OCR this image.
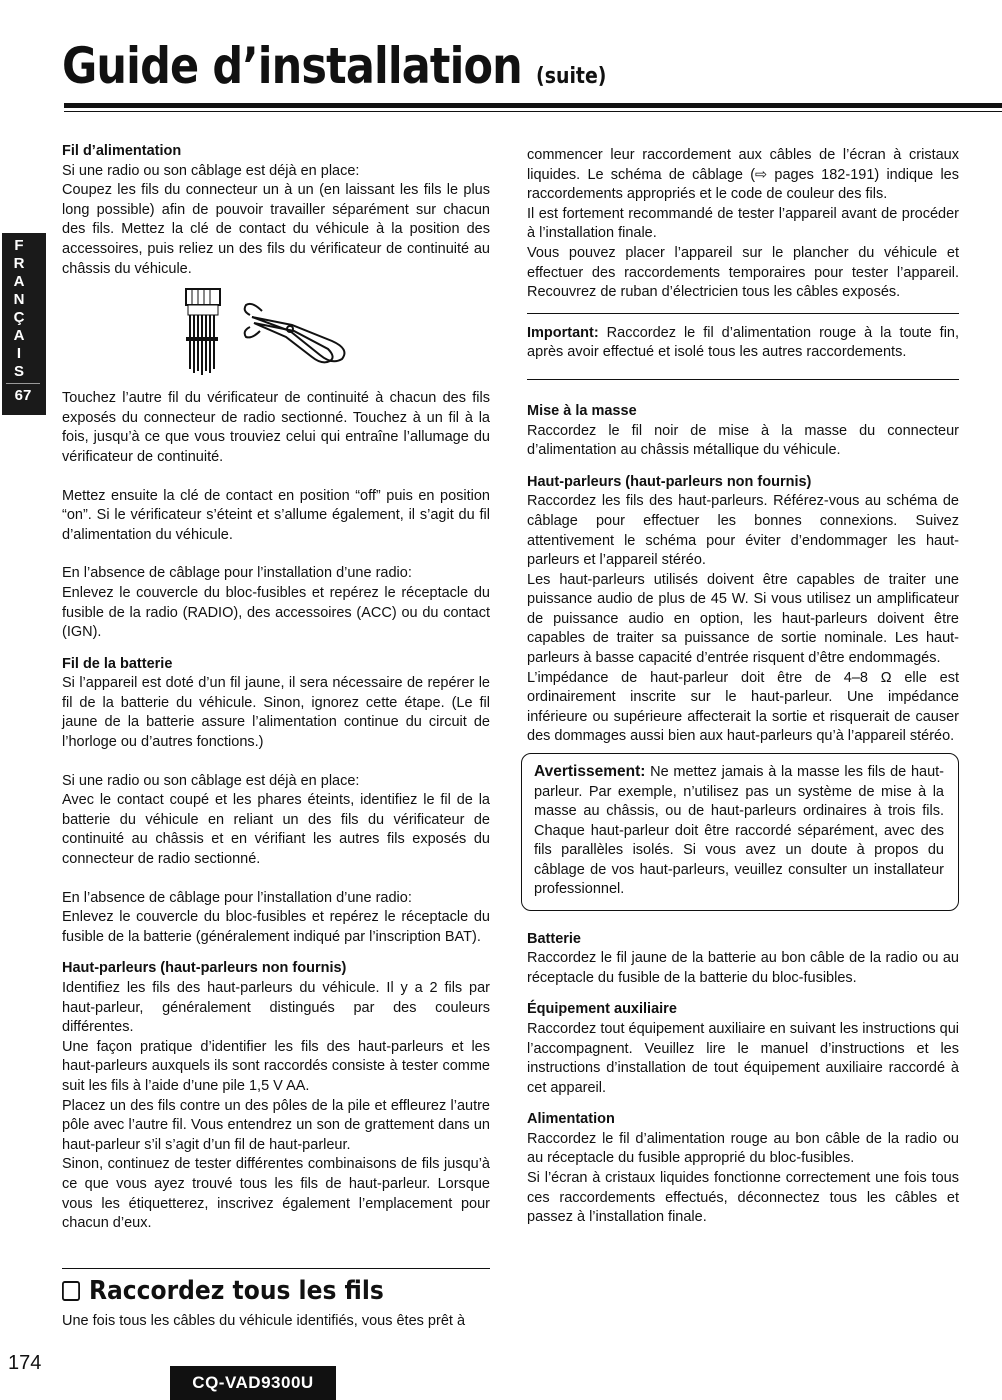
Guide d’installation (suite)
F
R
A
N
Ç
A
I
S
67

Fil d’alimentation

Si une radio ou son câblage est déjà en place:

Coupez les fils du connecteur un à un (en laissant les fils le plus long possible) afin de pouvoir travailler séparément sur chacun des fils. Mettez la clé de contact du véhicule à la position des accessoires, puis reliez un des fils du vérificateur de continuité au châssis du véhicule.

Touchez l’autre fil du vérificateur de continuité à chacun des fils exposés du connecteur de radio sectionné. Touchez à un fil à la fois, jusqu’à ce que vous trouviez celui qui entraîne l’allumage du vérificateur de continuité.

Mettez ensuite la clé de contact en position “off” puis en position “on”. Si le vérificateur s’éteint et s’allume également, il s’agit du fil d’alimentation du véhicule.

En l’absence de câblage pour l’installation d’une radio:

Enlevez le couvercle du bloc-fusibles et repérez le réceptacle du fusible de la radio (RADIO), des accessoires (ACC) ou du contact (IGN).

Fil de la batterie

Si l’appareil est doté d’un fil jaune, il sera nécessaire de repérer le fil de la batterie du véhicule. Sinon, ignorez cette étape. (Le fil jaune de la batterie assure l’alimentation continue du circuit de l’horloge ou d’autres fonctions.)

Si une radio ou son câblage est déjà en place:

Avec le contact coupé et les phares éteints, identifiez le fil de la batterie du véhicule en reliant un des fils du vérificateur de continuité au châssis et en vérifiant les autres fils exposés du connecteur de radio sectionné.

En l’absence de câblage pour l’installation d’une radio:

Enlevez le couvercle du bloc-fusibles et repérez le réceptacle du fusible de la batterie (généralement indiqué par l’inscription BAT).

Haut-parleurs (haut-parleurs non fournis)

Identifiez les fils des haut-parleurs du véhicule. Il y a 2 fils par haut-parleur, généralement distingués par des couleurs différentes.

Une façon pratique d’identifier les fils des haut-parleurs et les haut-parleurs auxquels ils sont raccordés consiste à tester comme suit les fils à l’aide d’une pile 1,5 V AA.

Placez un des fils contre un des pôles de la pile et effleurez l’autre pôle avec l’autre fil. Vous entendrez un son de grattement dans un haut-parleur s’il s’agit d’un fil de haut-parleur.

Sinon, continuez de tester différentes combinaisons de fils jusqu’à ce que vous ayez trouvé tous les fils de haut-parleur. Lorsque vous les étiquetterez, inscrivez également l’emplacement pour chacun d’eux.

Raccordez tous les fils

Une fois tous les câbles du véhicule identifiés, vous êtes prêt à

commencer leur raccordement aux câbles de l’écran à cristaux liquides. Le schéma de câblage (⇨ pages 182-191) indique les raccordements appropriés et le code de couleur des fils.

Il est fortement recommandé de tester l’appareil avant de procéder à l’installation finale.

Vous pouvez placer l’appareil sur le plancher du véhicule et effectuer des raccordements temporaires pour tester l’appareil. Recouvrez de ruban d’électricien tous les câbles exposés.

Important: Raccordez le fil d’alimentation rouge à la toute fin, après avoir effectué et isolé tous les autres raccordements.

Mise à la masse

Raccordez le fil noir de mise à la masse du connecteur d’alimentation au châssis métallique du véhicule.

Haut-parleurs (haut-parleurs non fournis)

Raccordez les fils des haut-parleurs. Référez-vous au schéma de câblage pour effectuer les bonnes connexions. Suivez attentivement le schéma pour éviter d’endommager les haut-parleurs et l’appareil stéréo.

Les haut-parleurs utilisés doivent être capables de traiter une puissance audio de plus de 45 W. Si vous utilisez un amplificateur de puissance audio en option, les haut-parleurs doivent être capables de traiter sa puissance de sortie nominale. Les haut-parleurs à basse capacité d’entrée risquent d’être endommagés.

L’impédance de haut-parleur doit être de 4–8 Ω elle est ordinairement inscrite sur le haut-parleur. Une impédance inférieure ou supérieure affecterait la sortie et risquerait de causer des dommages aussi bien aux haut-parleurs qu’à l’appareil stéréo.

Avertissement: Ne mettez jamais à la masse les fils de haut-parleur. Par exemple, n’utilisez pas un système de mise à la masse au châssis, ou de haut-parleurs ordinaires à trois fils. Chaque haut-parleur doit être raccordé séparément, avec des fils parallèles isolés. Si vous avez un doute à propos du câblage de vos haut-parleurs, veuillez consulter un installateur professionnel.

Batterie

Raccordez le fil jaune de la batterie au bon câble de la radio ou au réceptacle du fusible de la batterie du bloc-fusibles.

Équipement auxiliaire

Raccordez tout équipement auxiliaire en suivant les instructions qui l’accompagnent. Veuillez lire le manuel d’instructions et les instructions d’installation de tout équipement auxiliaire raccordé à cet appareil.

Alimentation

Raccordez le fil d’alimentation rouge au bon câble de la radio ou au réceptacle du fusible approprié du bloc-fusibles.

Si l’écran à cristaux liquides fonctionne correctement une fois tous ces raccordements effectués, déconnectez tous les câbles et passez à l’installation finale.

174
CQ-VAD9300U
